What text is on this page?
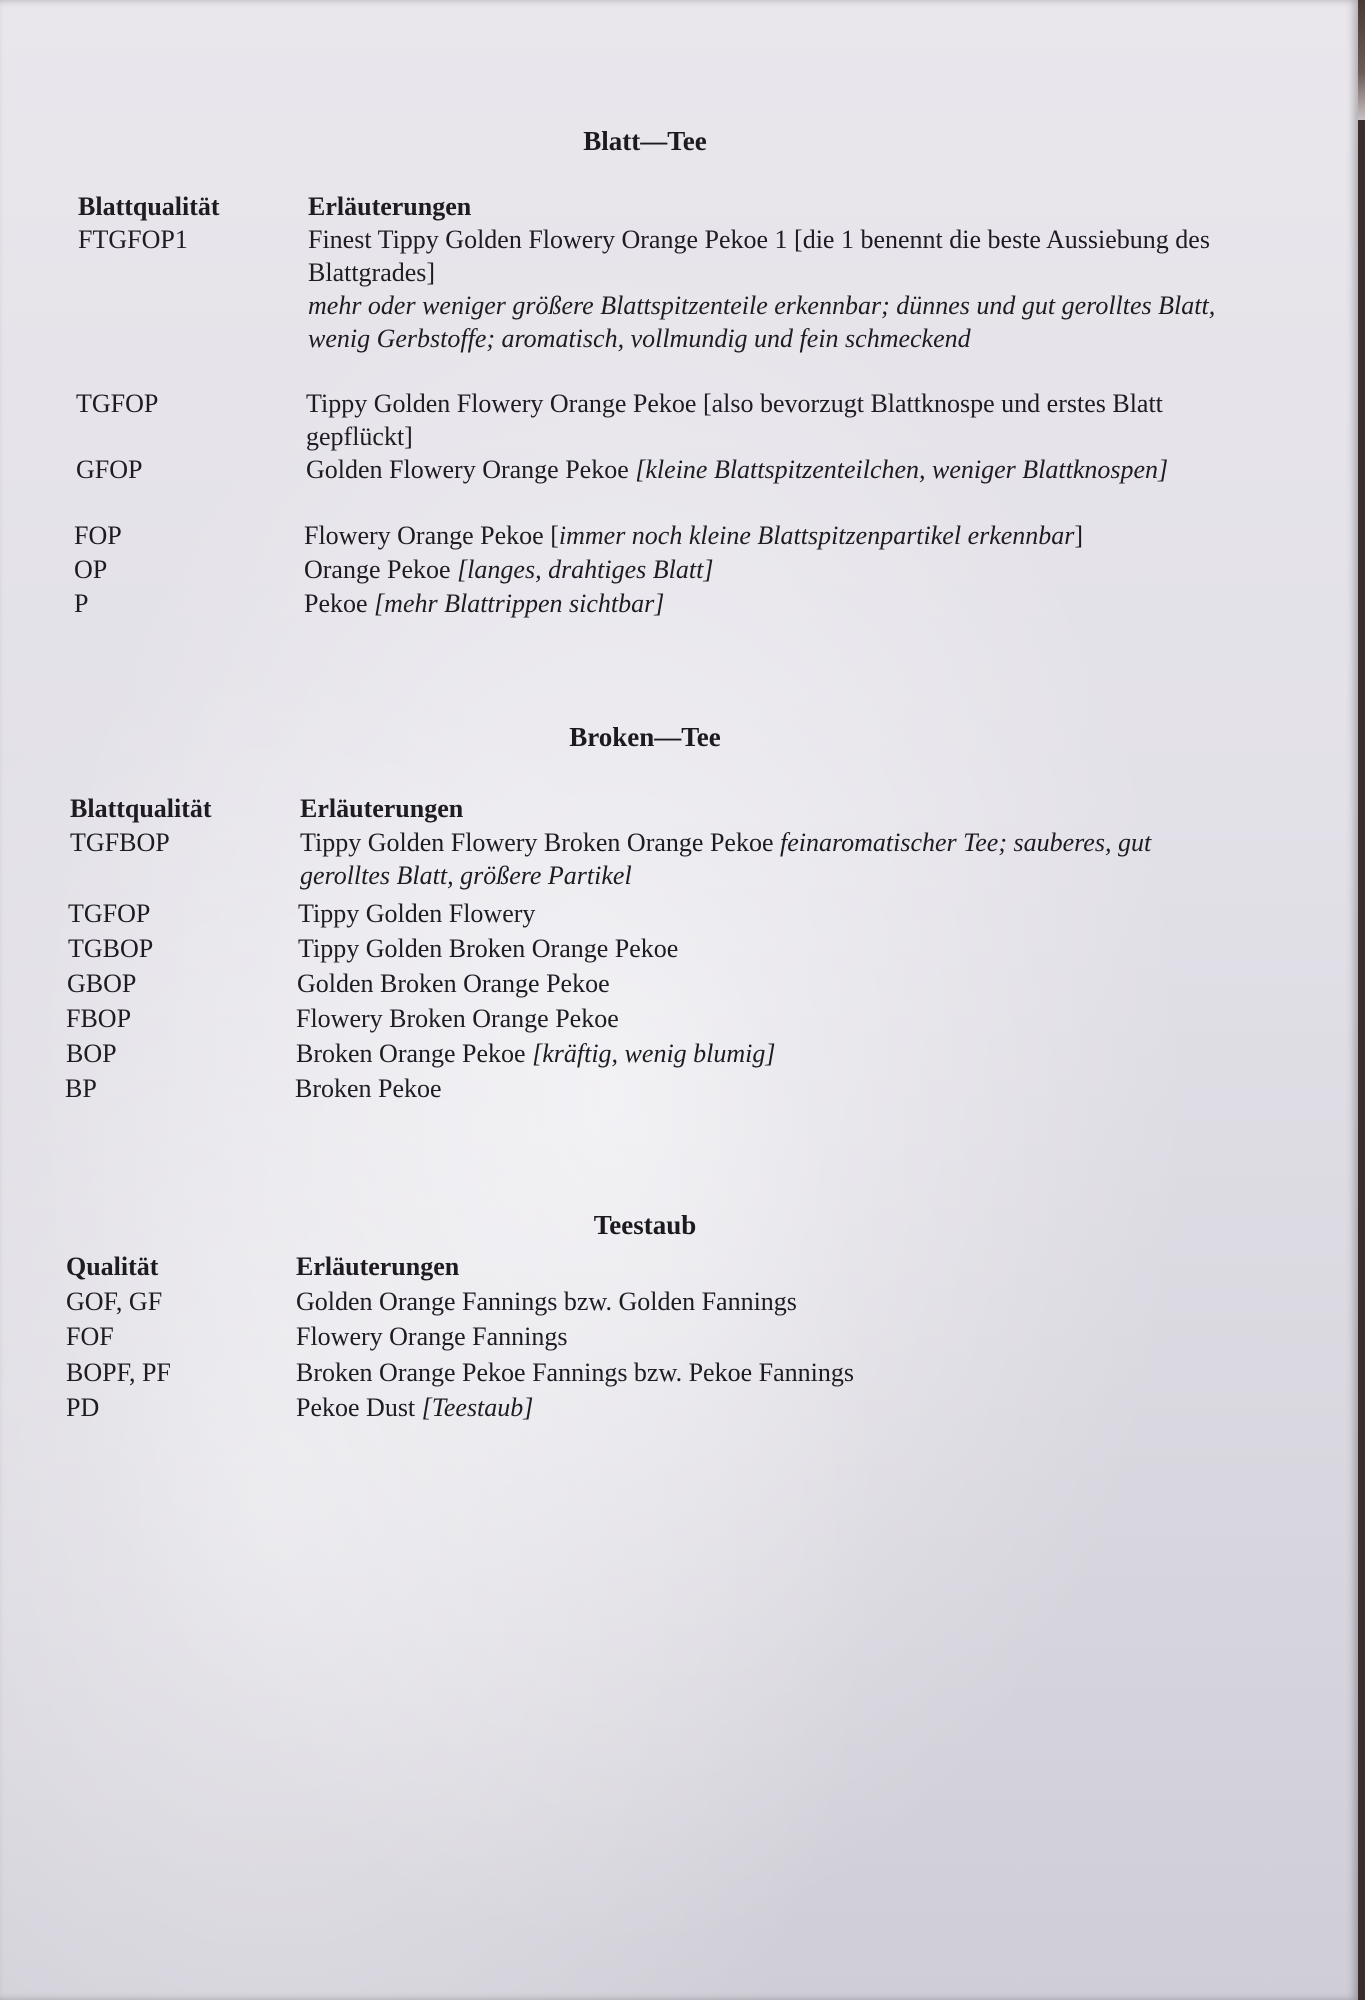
Blatt—Tee
Blattqualität	Erläuterungen
FTGFOP1	Finest Tippy Golden Flowery Orange Pekoe 1 [die 1 benennt die beste Aussiebung des Blattgrades]
mehr oder weniger größere Blattspitzenteile erkennbar; dünnes und gut gerolltes Blatt, wenig Gerbstoffe; aromatisch, vollmundig und fein schmeckend
TGFOP	Tippy Golden Flowery Orange Pekoe [also bevorzugt Blattknospe und erstes Blatt gepflückt]
GFOP	Golden Flowery Orange Pekoe [kleine Blattspitzenteilchen, weniger Blattknospen]
FOP	Flowery Orange Pekoe [immer noch kleine Blattspitzenpartikel erkennbar]
OP	Orange Pekoe [langes, drahtiges Blatt]
P	Pekoe [mehr Blattrippen sichtbar]
Broken—Tee
Blattqualität	Erläuterungen
TGFBOP	Tippy Golden Flowery Broken Orange Pekoe feinaromatischer Tee; sauberes, gut gerolltes Blatt, größere Partikel
TGFOP	Tippy Golden Flowery
TGBOP	Tippy Golden Broken Orange Pekoe
GBOP	Golden Broken Orange Pekoe
FBOP	Flowery Broken Orange Pekoe
BOP	Broken Orange Pekoe [kräftig, wenig blumig]
BP	Broken Pekoe
Teestaub
Qualität	Erläuterungen
GOF, GF	Golden Orange Fannings bzw. Golden Fannings
FOF	Flowery Orange Fannings
BOPF, PF	Broken Orange Pekoe Fannings bzw. Pekoe Fannings
PD	Pekoe Dust [Teestaub]
